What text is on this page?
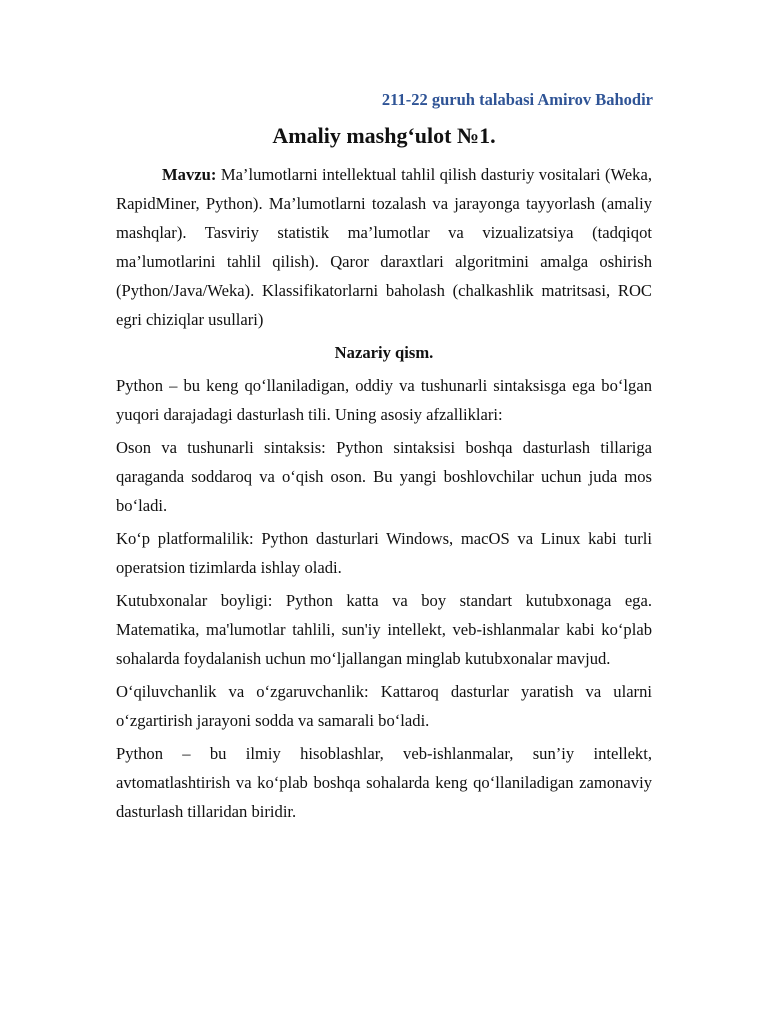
211-22 guruh talabasi Amirov Bahodir
Amaliy mashg‘ulot №1.

Mavzu: Ma’lumotlarni intellektual tahlil qilish dasturiy vositalari (Weka, RapidMiner, Python). Ma’lumotlarni tozalash va jarayonga tayyorlash (amaliy mashqlar). Tasviriy statistik ma’lumotlar va vizualizatsiya (tadqiqot ma’lumotlarini tahlil qilish). Qaror daraxtlari algoritmini amalga oshirish (Python/Java/Weka). Klassifikatorlarni baholash (chalkashlik matritsasi, ROC egri chiziqlar usullari)

Nazariy qism.

Python – bu keng qo‘llaniladigan, oddiy va tushunarli sintaksisga ega bo‘lgan yuqori darajadagi dasturlash tili. Uning asosiy afzalliklari:

Oson va tushunarli sintaksis: Python sintaksisi boshqa dasturlash tillariga qaraganda soddaroq va o‘qish oson. Bu yangi boshlovchilar uchun juda mos bo‘ladi.

Ko‘p platformalilik: Python dasturlari Windows, macOS va Linux kabi turli operatsion tizimlarda ishlay oladi.

Kutubxonalar boyligi: Python katta va boy standart kutubxonaga ega. Matematika, ma'lumotlar tahlili, sun'iy intellekt, veb-ishlanmalar kabi ko‘plab sohalarda foydalanish uchun mo‘ljallangan minglab kutubxonalar mavjud.

O‘qiluvchanlik va o‘zgaruvchanlik: Kattaroq dasturlar yaratish va ularni o‘zgartirish jarayoni sodda va samarali bo‘ladi.

Python – bu ilmiy hisoblashlar, veb-ishlanmalar, sun’iy intellekt, avtomatlashtirish va ko‘plab boshqa sohalarda keng qo‘llaniladigan zamonaviy dasturlash tillaridan biridir.
